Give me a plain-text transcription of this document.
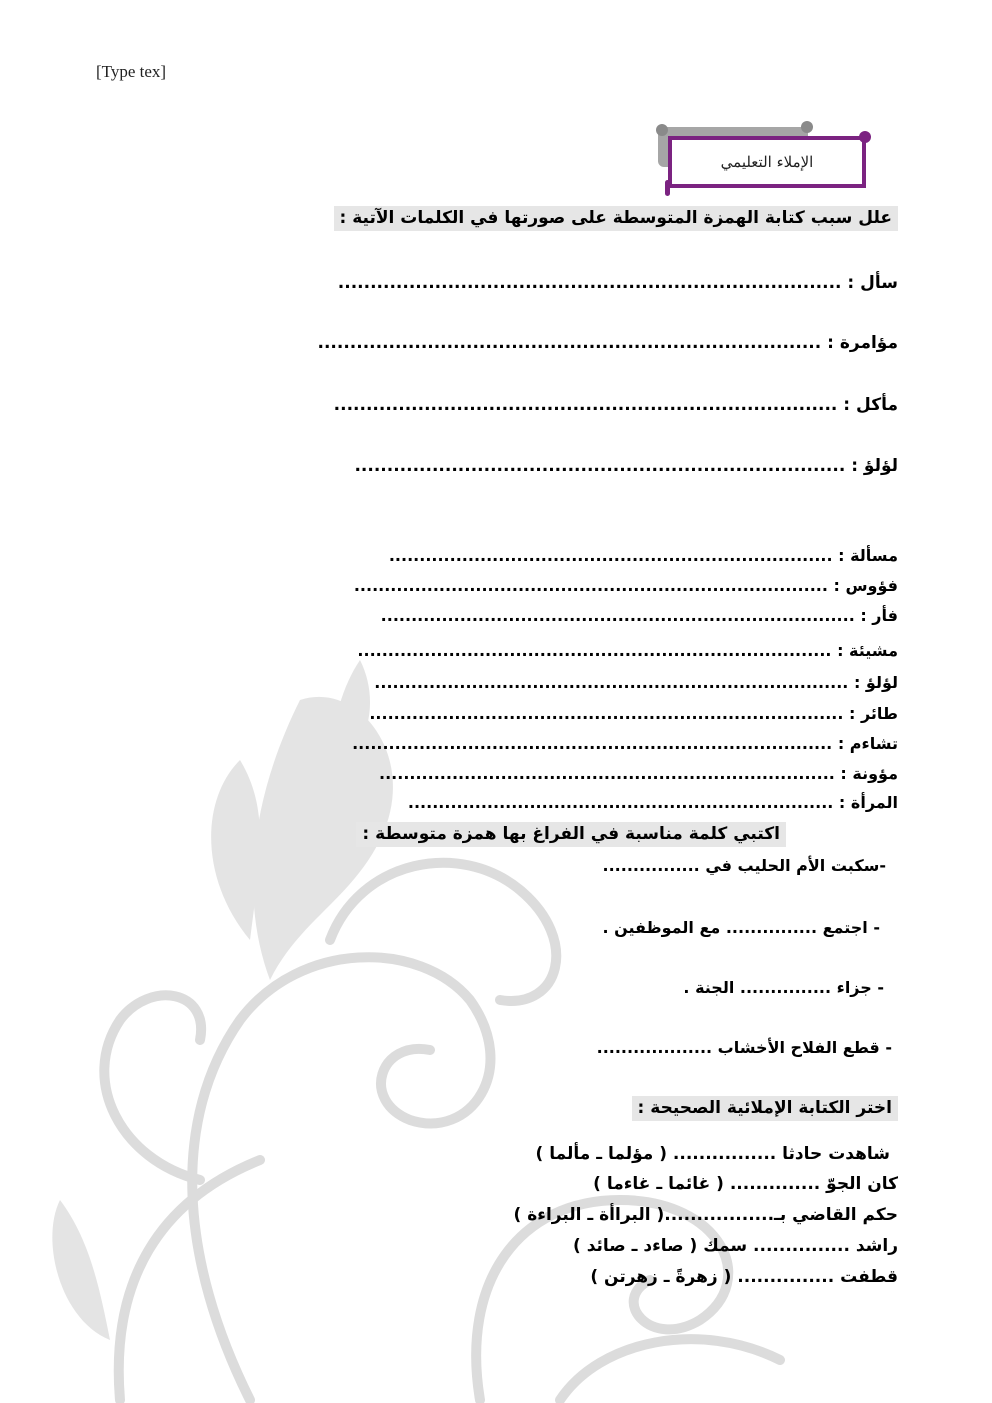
[Type tex]
الإملاء التعليمي
علل سبب كتابة الهمزة المتوسطة على صورتها في الكلمات الآتية :
سأل : ..............................................................................
مؤامرة : ..............................................................................
مأكل : ..............................................................................
لؤلؤ : ............................................................................
مسألة : .........................................................................
فؤوس : ..............................................................................
فأر : ..............................................................................
مشيئة : ..............................................................................
لؤلؤ : ..............................................................................
طائر : ..............................................................................
تشاءم : ...............................................................................
مؤونة : ...........................................................................
المرأة : ......................................................................
اكتبي كلمة مناسبة في الفراغ بها همزة متوسطة :
-سكبت الأم الحليب في ................
- اجتمع ............... مع الموظفين .
- جزاء ............... الجنة .
- قطع الفلاح الأخشاب ...................
اختر الكتابة الإملائية الصحيحة :
شاهدت حادثا ................ ( مؤلما ـ مألما )
كان الجوّ .............. ( غائما ـ غاءما )
حكم القاضي بـ.................( البراأة ـ البراءة )
راشد ............... سمك ( صاءد ـ صائد )
قطفت ............... ( زهرةً ـ زهرتن )
